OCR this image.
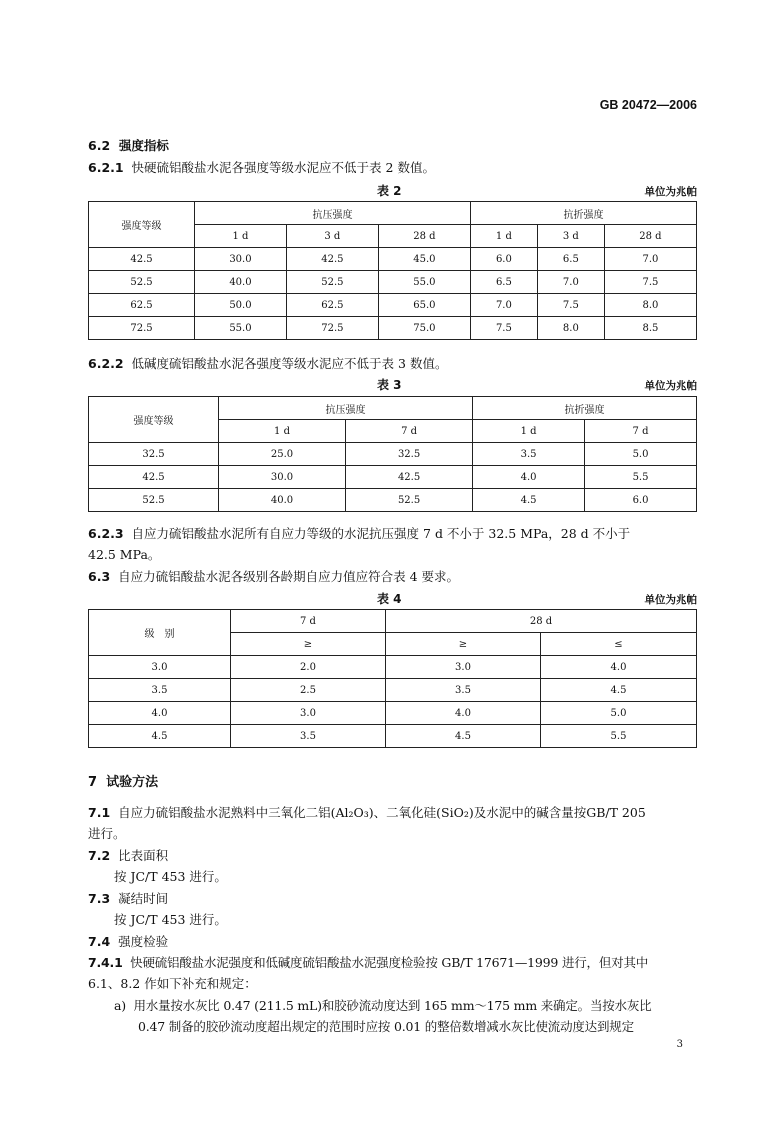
GB 20472—2006
6.2 强度指标
6.2.1 快硬硫铝酸盐水泥各强度等级水泥应不低于表 2 数值。
表 2	单位为兆帕
强度等级	抗压强度			抗折强度		
	1 d	3 d	28 d	1 d	3 d	28 d
42.5	30.0	42.5	45.0	6.0	6.5	7.0
52.5	40.0	52.5	55.0	6.5	7.0	7.5
62.5	50.0	62.5	65.0	7.0	7.5	8.0
72.5	55.0	72.5	75.0	7.5	8.0	8.5
6.2.2 低碱度硫铝酸盐水泥各强度等级水泥应不低于表 3 数值。
表 3	单位为兆帕
强度等级	抗压强度		抗折强度	
	1 d	7 d	1 d	7 d
32.5	25.0	32.5	3.5	5.0
42.5	30.0	42.5	4.0	5.5
52.5	40.0	52.5	4.5	6.0
6.2.3 自应力硫铝酸盐水泥所有自应力等级的水泥抗压强度 7 d 不小于 32.5 MPa，28 d 不小于
42.5 MPa。
6.3 自应力硫铝酸盐水泥各级别各龄期自应力值应符合表 4 要求。
表 4	单位为兆帕
级　别	7 d	28 d	
	≥	≥	≤
3.0	2.0	3.0	4.0
3.5	2.5	3.5	4.5
4.0	3.0	4.0	5.0
4.5	3.5	4.5	5.5
7 试验方法
7.1 自应力硫铝酸盐水泥熟料中三氧化二铝(Al₂O₃)、二氧化硅(SiO₂)及水泥中的碱含量按GB/T 205
进行。
7.2 比表面积
按 JC/T 453 进行。
7.3 凝结时间
按 JC/T 453 进行。
7.4 强度检验
7.4.1 快硬硫铝酸盐水泥强度和低碱度硫铝酸盐水泥强度检验按 GB/T 17671—1999 进行，但对其中
6.1、8.2 作如下补充和规定：
a) 用水量按水灰比 0.47 (211.5 mL)和胶砂流动度达到 165 mm～175 mm 来确定。当按水灰比
0.47 制备的胶砂流动度超出规定的范围时应按 0.01 的整倍数增减水灰比使流动度达到规定
3
